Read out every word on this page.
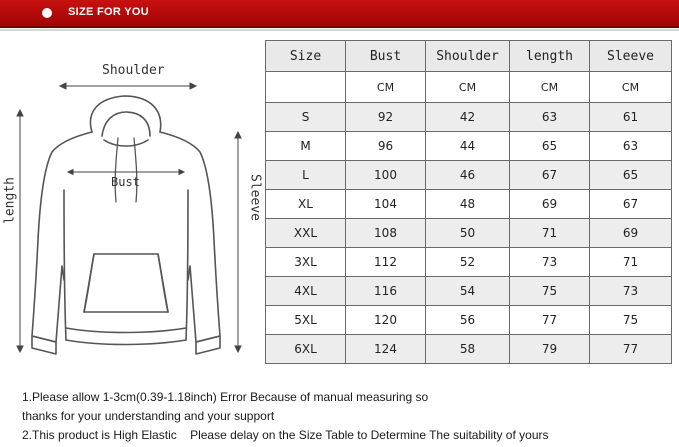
SIZE FOR YOU
Shoulder
Bust
length	Sleeve
Size	Bust	Shoulder	length	Sleeve
	CM	CM	CM	CM
S	92	42	63	61
M	96	44	65	63
L	100	46	67	65
XL	104	48	69	67
XXL	108	50	71	69
3XL	112	52	73	71
4XL	116	54	75	73
5XL	120	56	77	75
6XL	124	58	79	77
1.Please allow 1-3cm(0.39-1.18inch) Error Because of manual measuring so
thanks for your understanding and your support
2.This product is High Elastic    Please delay on the Size Table to Determine The suitability of yours
